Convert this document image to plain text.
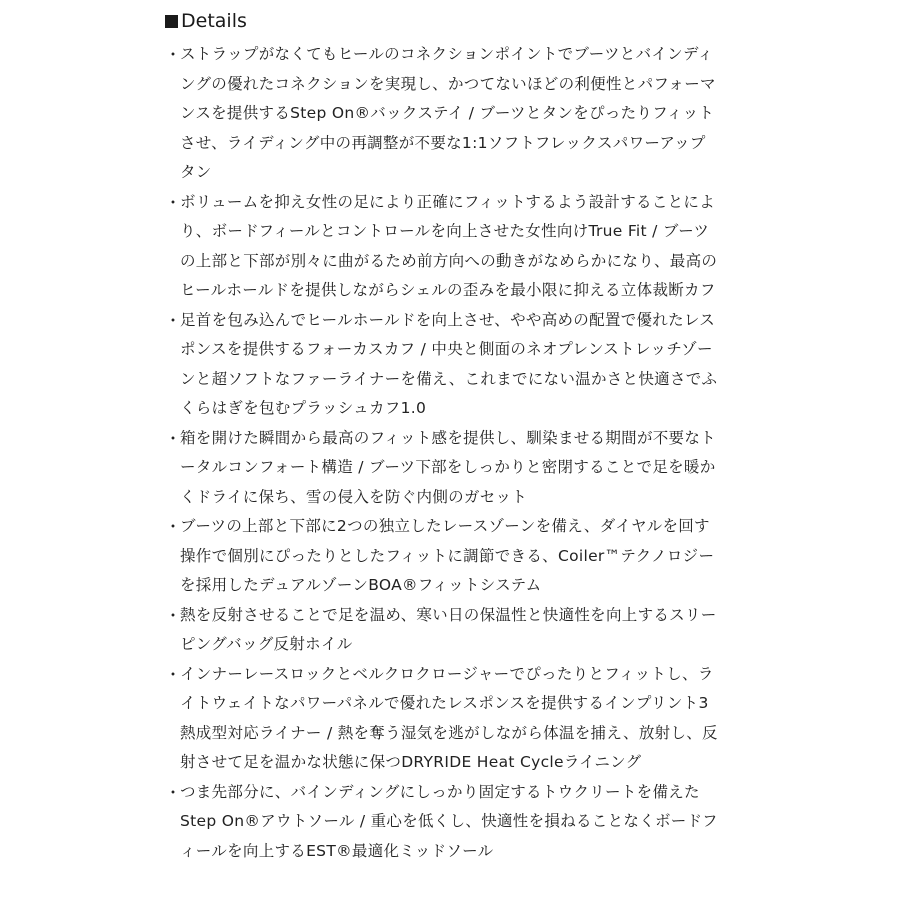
Details
・
ストラップがなくてもヒールのコネクションポイントでブーツとバインディ
ングの優れたコネクションを実現し、かつてないほどの利便性とパフォーマ
ンスを提供するStep On®バックステイ / ブーツとタンをぴったりフィット
させ、ライディング中の再調整が不要な1:1ソフトフレックスパワーアップ
タン
・
ボリュームを抑え女性の足により正確にフィットするよう設計することによ
り、ボードフィールとコントロールを向上させた女性向けTrue Fit / ブーツ
の上部と下部が別々に曲がるため前方向への動きがなめらかになり、最高の
ヒールホールドを提供しながらシェルの歪みを最小限に抑える立体裁断カフ
・
足首を包み込んでヒールホールドを向上させ、やや高めの配置で優れたレス
ポンスを提供するフォーカスカフ / 中央と側面のネオプレンストレッチゾー
ンと超ソフトなファーライナーを備え、これまでにない温かさと快適さでふ
くらはぎを包むプラッシュカフ1.0
・
箱を開けた瞬間から最高のフィット感を提供し、馴染ませる期間が不要なト
ータルコンフォート構造 / ブーツ下部をしっかりと密閉することで足を暖か
くドライに保ち、雪の侵入を防ぐ内側のガセット
・
ブーツの上部と下部に2つの独立したレースゾーンを備え、ダイヤルを回す
操作で個別にぴったりとしたフィットに調節できる、Coiler™テクノロジー
を採用したデュアルゾーンBOA®フィットシステム
・
熱を反射させることで足を温め、寒い日の保温性と快適性を向上するスリー
ピングバッグ反射ホイル
・
インナーレースロックとベルクロクロージャーでぴったりとフィットし、ラ
イトウェイトなパワーパネルで優れたレスポンスを提供するインプリント3
熱成型対応ライナー / 熱を奪う湿気を逃がしながら体温を捕え、放射し、反
射させて足を温かな状態に保つDRYRIDE Heat Cycleライニング
・
つま先部分に、バインディングにしっかり固定するトウクリートを備えた
Step On®アウトソール / 重心を低くし、快適性を損ねることなくボードフ
ィールを向上するEST®最適化ミッドソール
